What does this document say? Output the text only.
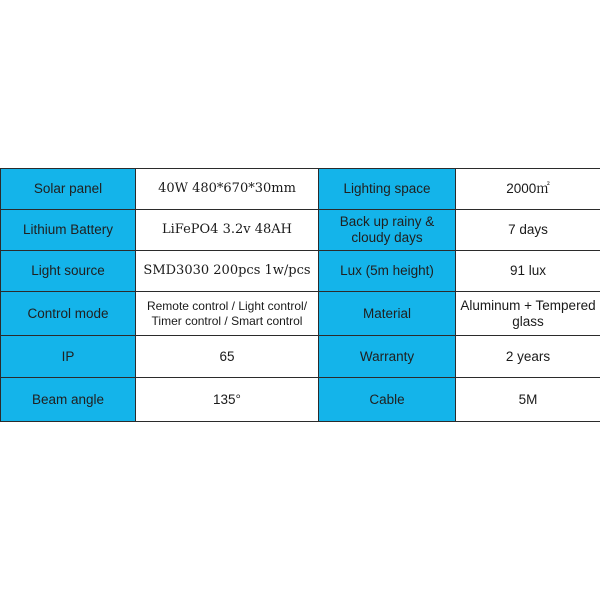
Solar panel	40W 480*670*30mm	Lighting space	2000㎡
Lithium Battery	LiFePO4 3.2v 48AH	Back up rainy & cloudy days	7 days
Light source	SMD3030 200pcs 1w/pcs	Lux (5m height)	91 lux
Control mode	Remote control / Light control/ Timer control / Smart control	Material	Aluminum + Tempered glass
IP	65	Warranty	2 years
Beam angle	135°	Cable	5M
